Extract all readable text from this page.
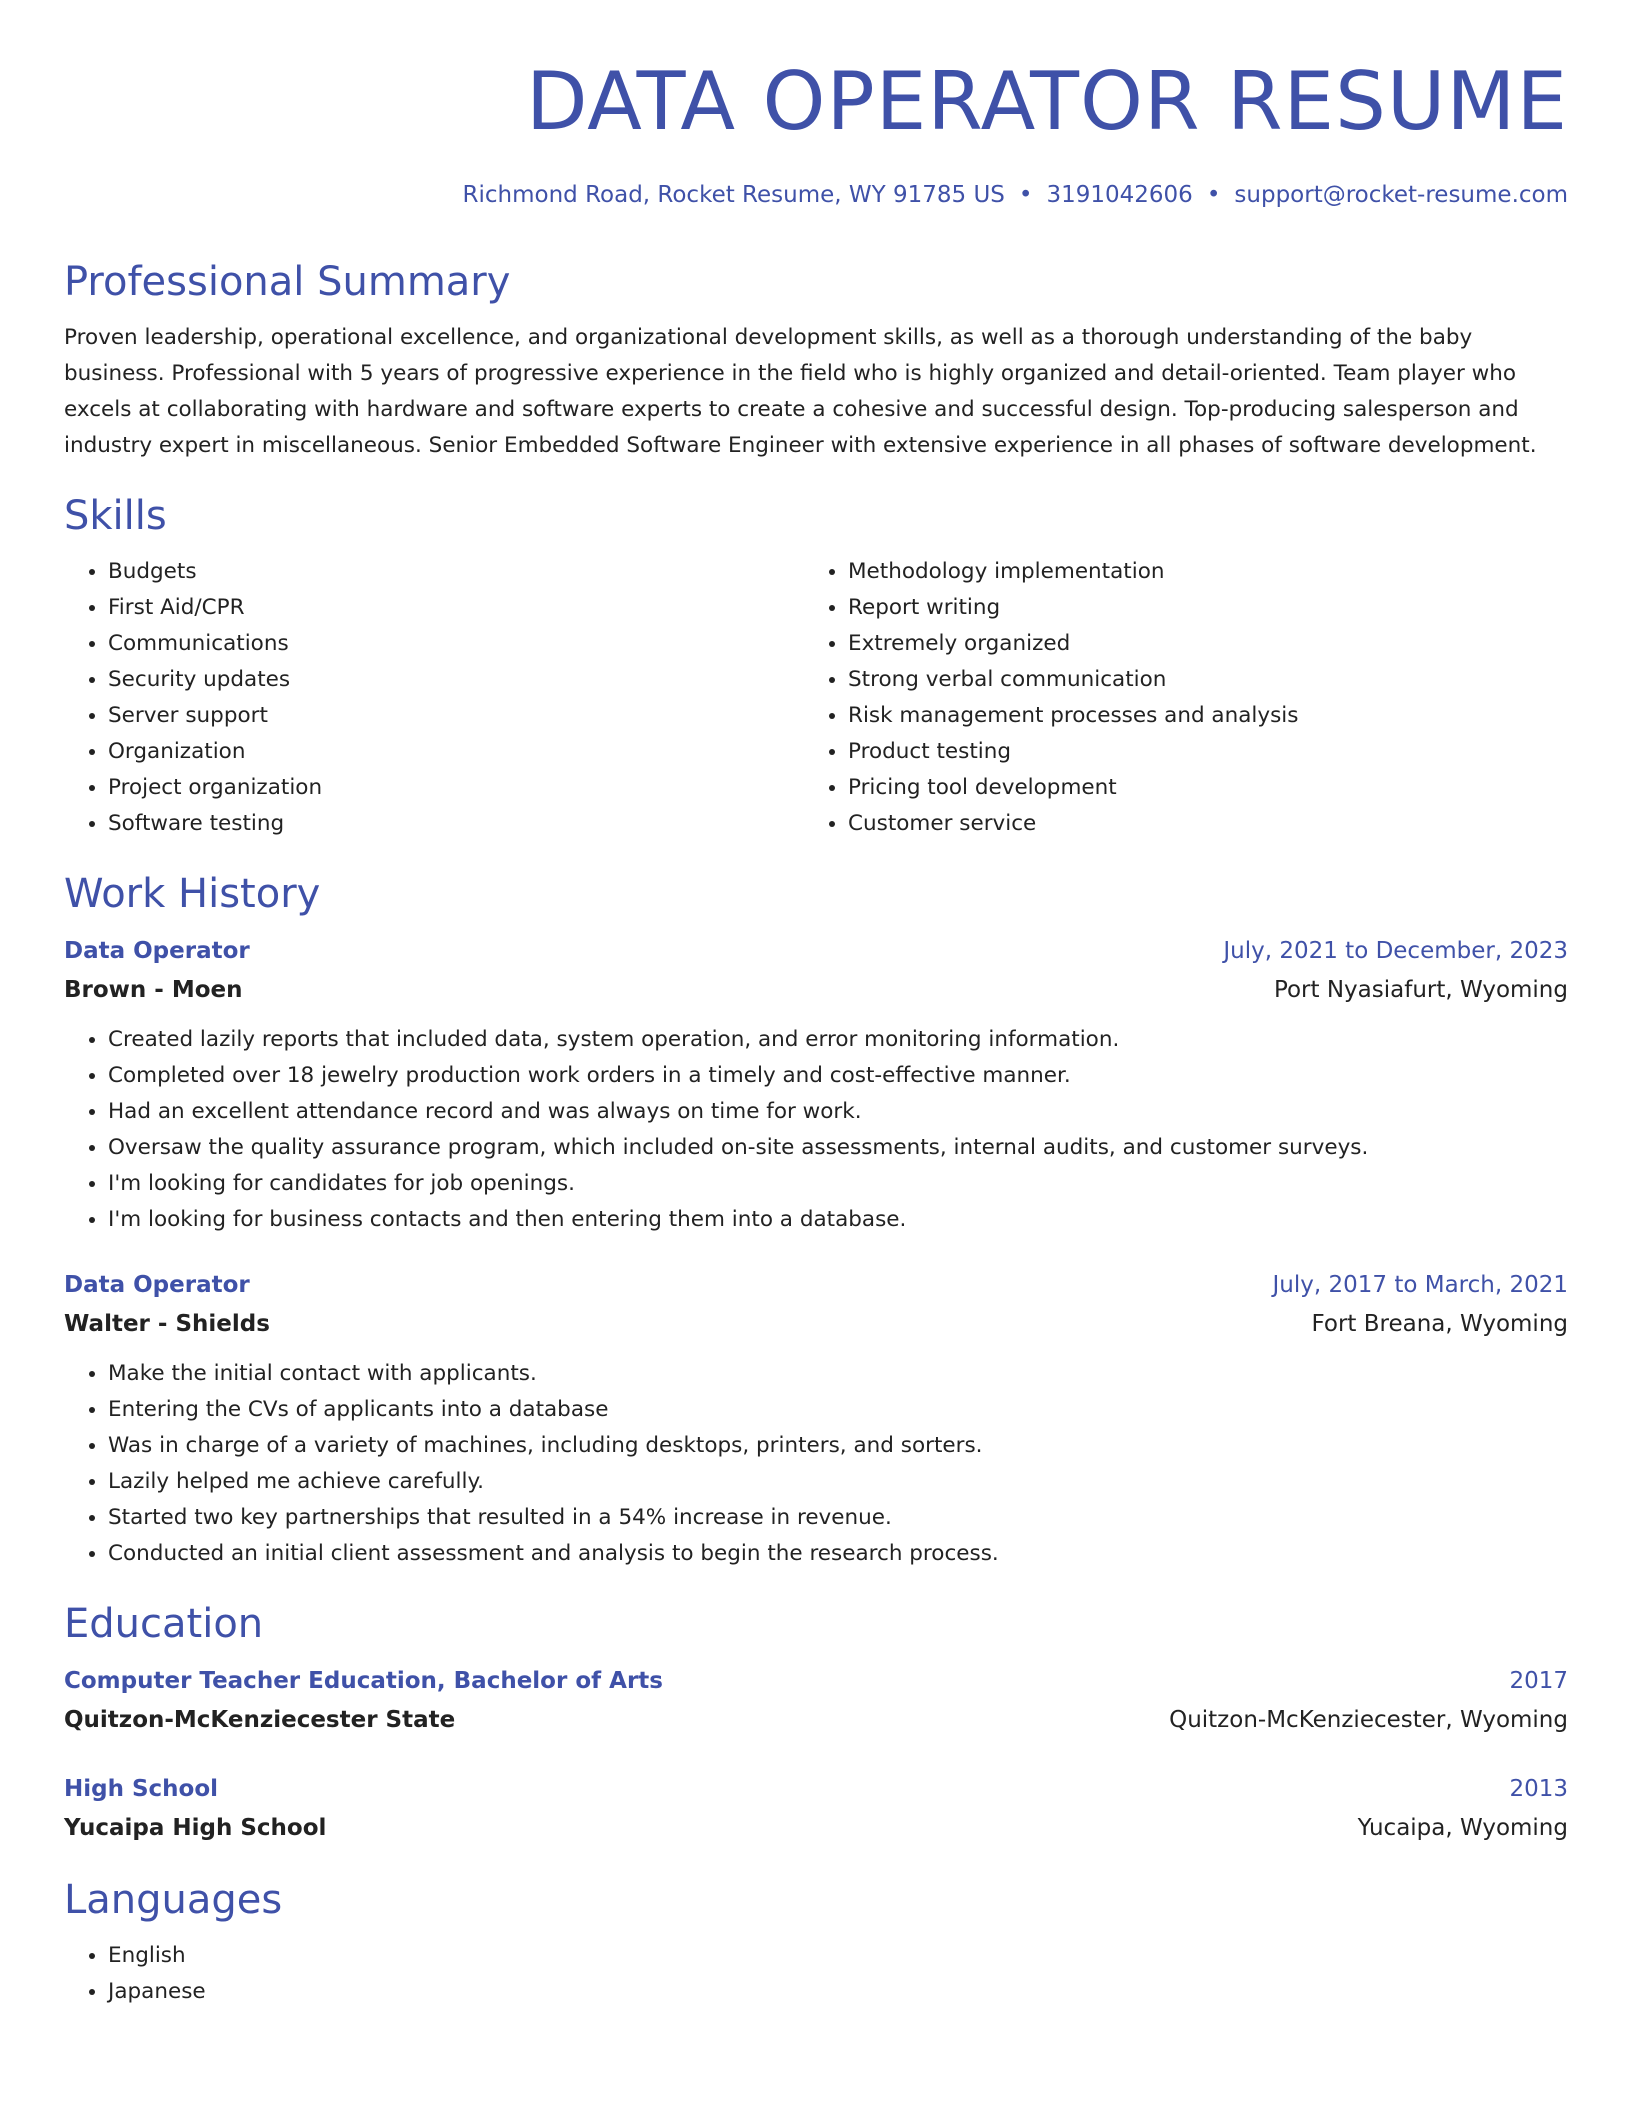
DATA OPERATOR RESUME
Richmond Road, Rocket Resume, WY 91785 US • 3191042606 • support@rocket-resume.com
Professional Summary
Proven leadership, operational excellence, and organizational development skills, as well as a thorough understanding of the baby business. Professional with 5 years of progressive experience in the field who is highly organized and detail-oriented. Team player who excels at collaborating with hardware and software experts to create a cohesive and successful design. Top-producing salesperson and industry expert in miscellaneous. Senior Embedded Software Engineer with extensive experience in all phases of software development.
Skills
• Budgets
• First Aid/CPR
• Communications
• Security updates
• Server support
• Organization
• Project organization
• Software testing
• Methodology implementation
• Report writing
• Extremely organized
• Strong verbal communication
• Risk management processes and analysis
• Product testing
• Pricing tool development
• Customer service
Work History
Data Operator	July, 2021 to December, 2023
Brown - Moen	Port Nyasiafurt, Wyoming
• Created lazily reports that included data, system operation, and error monitoring information.
• Completed over 18 jewelry production work orders in a timely and cost-effective manner.
• Had an excellent attendance record and was always on time for work.
• Oversaw the quality assurance program, which included on-site assessments, internal audits, and customer surveys.
• I'm looking for candidates for job openings.
• I'm looking for business contacts and then entering them into a database.
Data Operator	July, 2017 to March, 2021
Walter - Shields	Fort Breana, Wyoming
• Make the initial contact with applicants.
• Entering the CVs of applicants into a database
• Was in charge of a variety of machines, including desktops, printers, and sorters.
• Lazily helped me achieve carefully.
• Started two key partnerships that resulted in a 54% increase in revenue.
• Conducted an initial client assessment and analysis to begin the research process.
Education
Computer Teacher Education, Bachelor of Arts	2017
Quitzon-McKenziecester State	Quitzon-McKenziecester, Wyoming
High School	2013
Yucaipa High School	Yucaipa, Wyoming
Languages
• English
• Japanese
